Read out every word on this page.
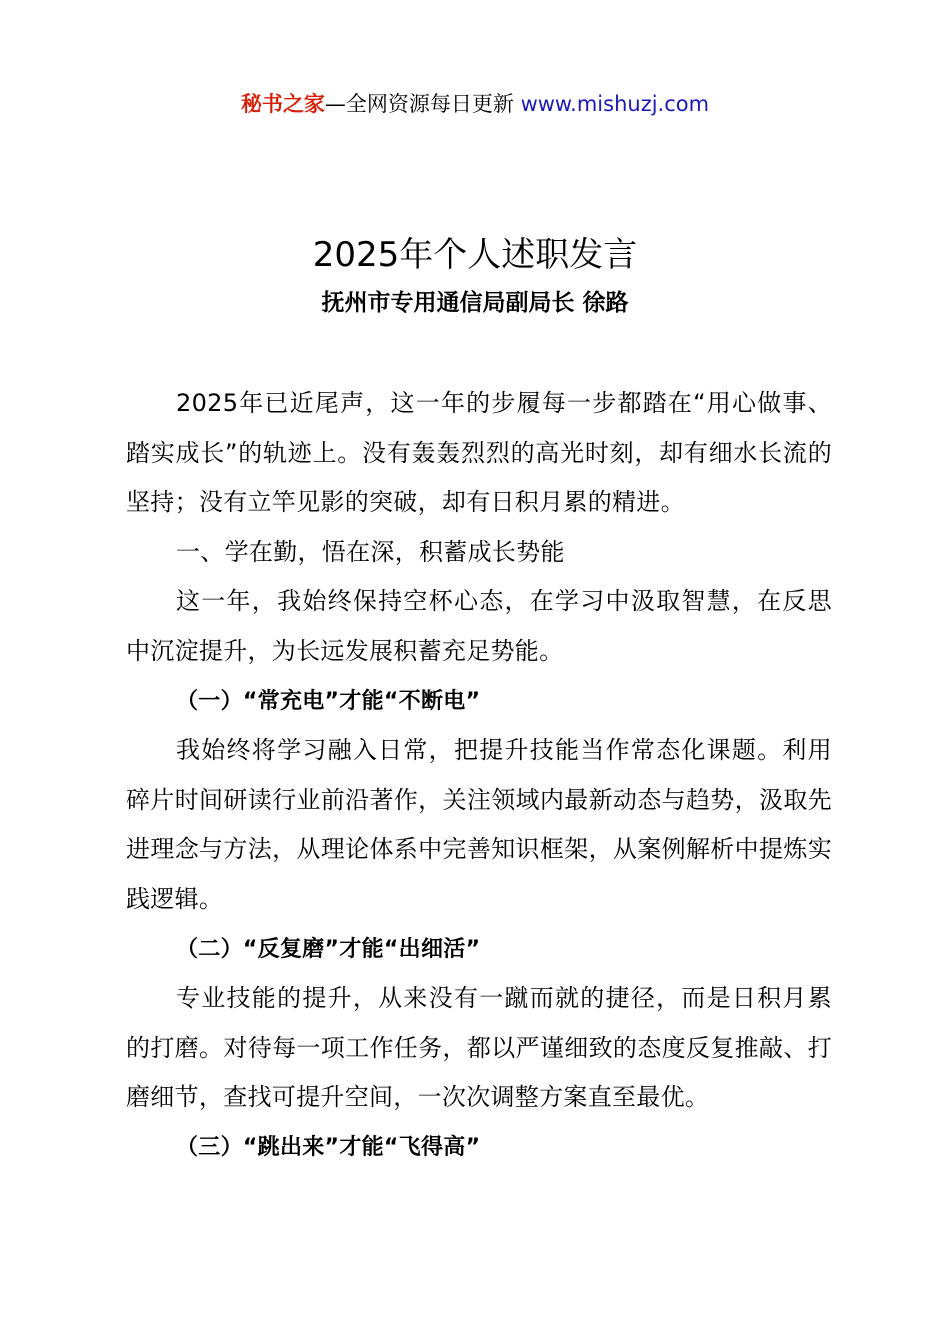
秘书之家—全网资源每日更新 www.mishuzj.com
2025年个人述职发言
抚州市专用通信局副局长 徐路

2025年已近尾声，这一年的步履每一步都踏在“用心做事、踏实成长”的轨迹上。没有轰轰烈烈的高光时刻，却有细水长流的坚持；没有立竿见影的突破，却有日积月累的精进。

一、学在勤，悟在深，积蓄成长势能

这一年，我始终保持空杯心态，在学习中汲取智慧，在反思中沉淀提升，为长远发展积蓄充足势能。

（一）“常充电”才能“不断电”

我始终将学习融入日常，把提升技能当作常态化课题。利用碎片时间研读行业前沿著作，关注领域内最新动态与趋势，汲取先进理念与方法，从理论体系中完善知识框架，从案例解析中提炼实践逻辑。

（二）“反复磨”才能“出细活”

专业技能的提升，从来没有一蹴而就的捷径，而是日积月累的打磨。对待每一项工作任务，都以严谨细致的态度反复推敲、打磨细节，查找可提升空间，一次次调整方案直至最优。

（三）“跳出来”才能“飞得高”
